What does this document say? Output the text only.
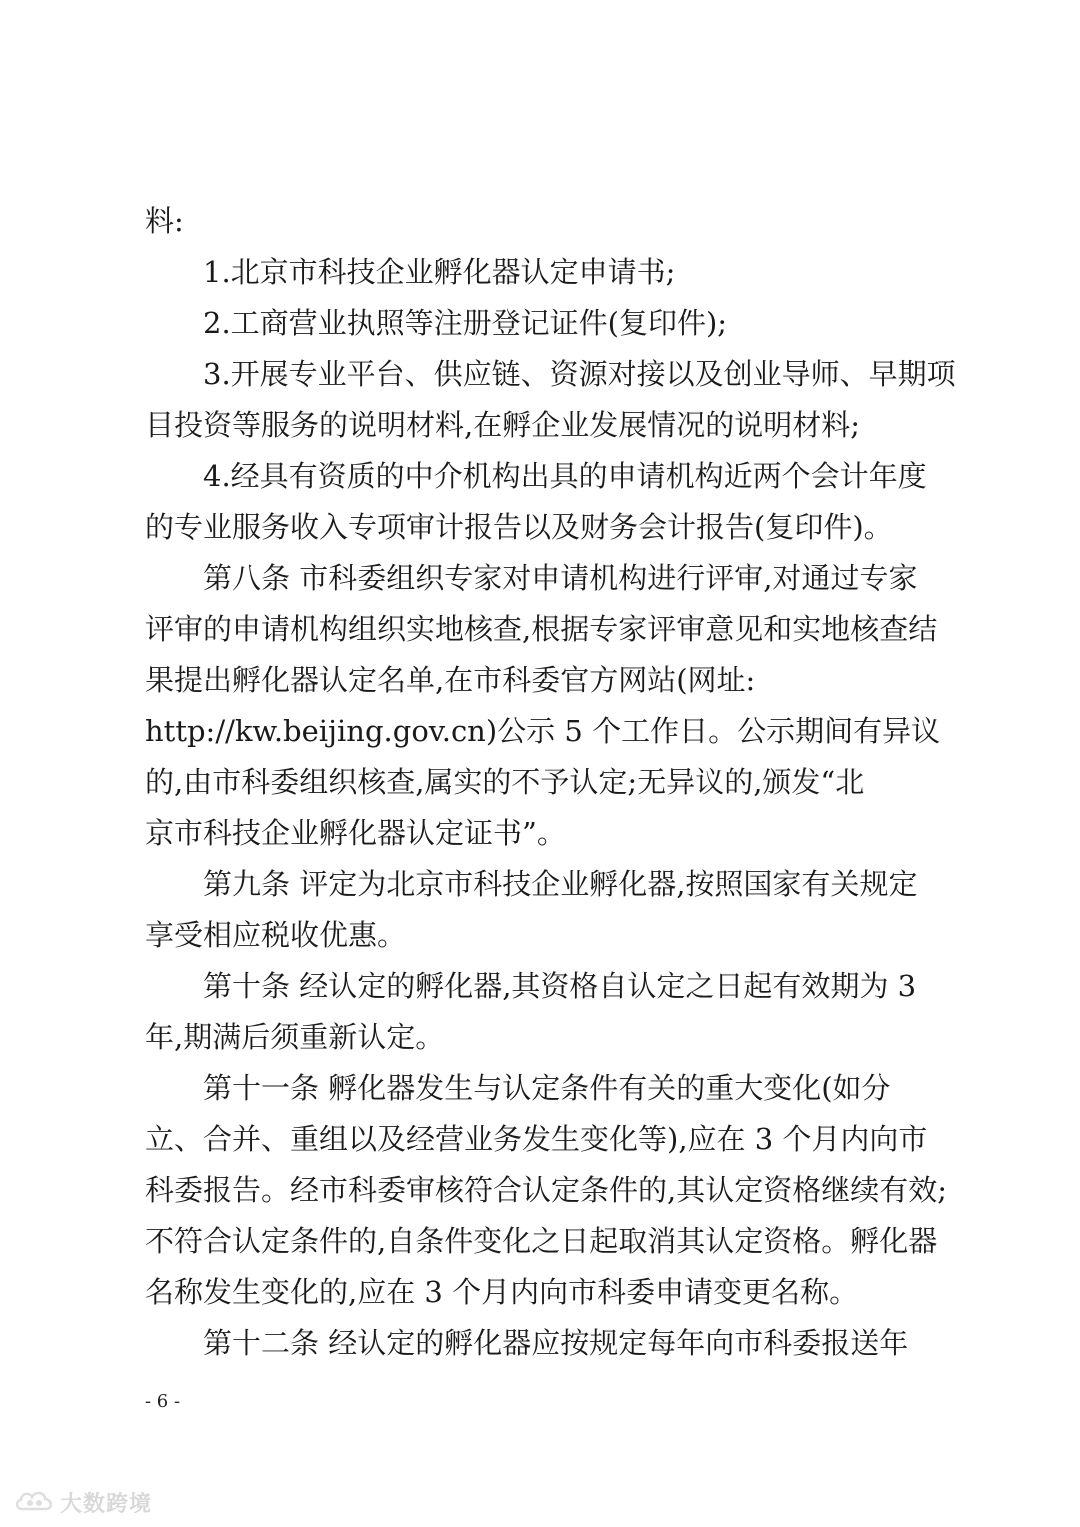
料:
1.北京市科技企业孵化器认定申请书;
2.工商营业执照等注册登记证件(复印件);
3.开展专业平台、供应链、资源对接以及创业导师、早期项
目投资等服务的说明材料,在孵企业发展情况的说明材料;
4.经具有资质的中介机构出具的申请机构近两个会计年度
的专业服务收入专项审计报告以及财务会计报告(复印件)。
第八条 市科委组织专家对申请机构进行评审,对通过专家
评审的申请机构组织实地核查,根据专家评审意见和实地核查结
果提出孵化器认定名单,在市科委官方网站(网址:
http://kw.beijing.gov.cn)公示 5 个工作日。公示期间有异议
的,由市科委组织核查,属实的不予认定;无异议的,颁发“北
京市科技企业孵化器认定证书”。
第九条 评定为北京市科技企业孵化器,按照国家有关规定
享受相应税收优惠。
第十条 经认定的孵化器,其资格自认定之日起有效期为 3
年,期满后须重新认定。
第十一条 孵化器发生与认定条件有关的重大变化(如分
立、合并、重组以及经营业务发生变化等),应在 3 个月内向市
科委报告。经市科委审核符合认定条件的,其认定资格继续有效;
不符合认定条件的,自条件变化之日起取消其认定资格。孵化器
名称发生变化的,应在 3 个月内向市科委申请变更名称。
第十二条 经认定的孵化器应按规定每年向市科委报送年
- 6 -
大数跨境
